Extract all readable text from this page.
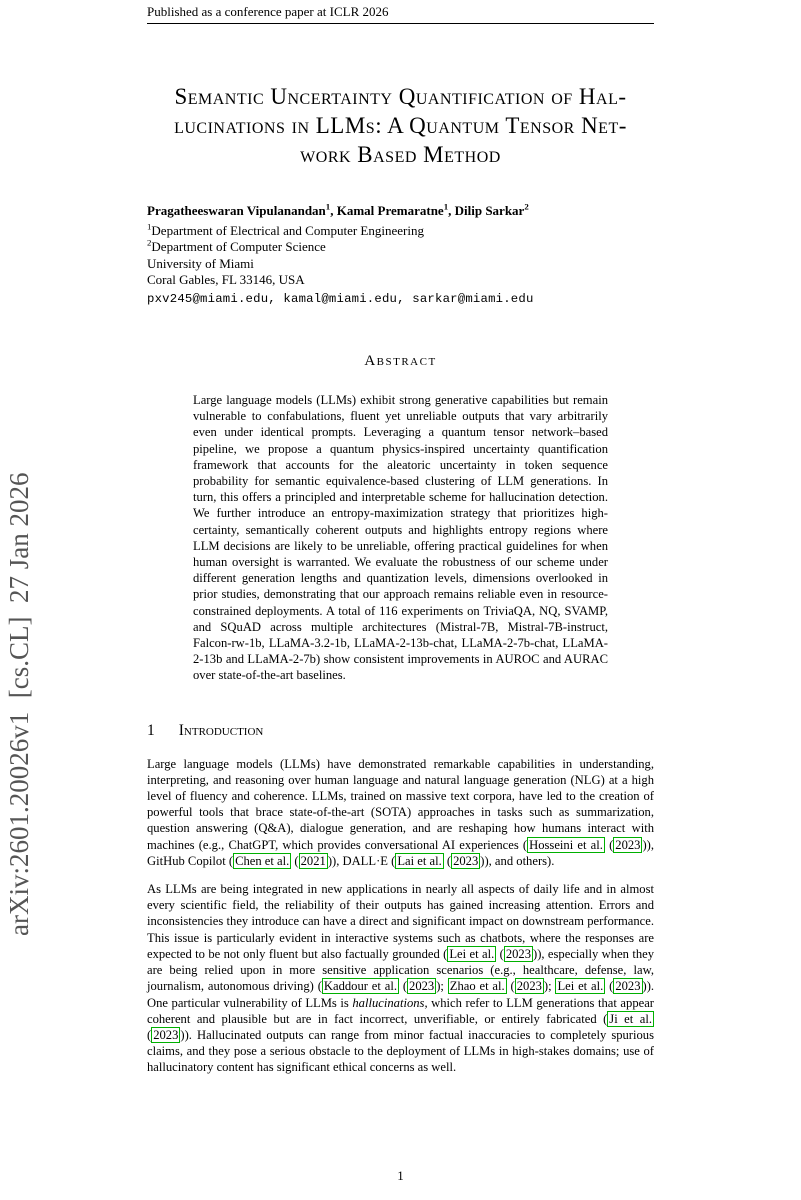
arXiv:2601.20026v1  [cs.CL]  27 Jan 2026
Published as a conference paper at ICLR 2026
Semantic Uncertainty Quantification of Hal-
lucinations in LLMs: A Quantum Tensor Net-
work Based Method
Pragatheeswaran Vipulanandan$^1$, Kamal Premaratne$^1$, Dilip Sarkar$^2$
$^1$Department of Electrical and Computer Engineering
$^2$Department of Computer Science
University of Miami
Coral Gables, FL 33146, USA
pxv245@miami.edu, kamal@miami.edu, sarkar@miami.edu
Abstract
Large language models (LLMs) exhibit strong generative capabilities but remain vulnerable to confabulations, fluent yet unreliable outputs that vary arbitrarily even under identical prompts. Leveraging a quantum tensor network–based pipeline, we propose a quantum physics-inspired uncertainty quantification framework that accounts for the aleatoric uncertainty in token sequence probability for semantic equivalence-based clustering of LLM generations. In turn, this offers a principled and interpretable scheme for hallucination detection. We further introduce an entropy-maximization strategy that prioritizes high-certainty, semantically coherent outputs and highlights entropy regions where LLM decisions are likely to be unreliable, offering practical guidelines for when human oversight is warranted. We evaluate the robustness of our scheme under different generation lengths and quantization levels, dimensions overlooked in prior studies, demonstrating that our approach remains reliable even in resource-constrained deployments. A total of 116 experiments on TriviaQA, NQ, SVAMP, and SQuAD across multiple architectures (Mistral-7B, Mistral-7B-instruct, Falcon-rw-1b, LLaMA-3.2-1b, LLaMA-2-13b-chat, LLaMA-2-7b-chat, LLaMA-2-13b and LLaMA-2-7b) show consistent improvements in AUROC and AURAC over state-of-the-art baselines.
1 Introduction

Large language models (LLMs) have demonstrated remarkable capabilities in understanding, interpreting, and reasoning over human language and natural language generation (NLG) at a high level of fluency and coherence. LLMs, trained on massive text corpora, have led to the creation of powerful tools that brace state-of-the-art (SOTA) approaches in tasks such as summarization, question answering (Q&A), dialogue generation, and are reshaping how humans interact with machines (e.g., ChatGPT, which provides conversational AI experiences ( Hosseini et al. ( 2023 )), GitHub Copilot ( Chen et al. ( 2021 )), DALL·E ( Lai et al. ( 2023 )), and others).

As LLMs are being integrated in new applications in nearly all aspects of daily life and in almost every scientific field, the reliability of their outputs has gained increasing attention. Errors and inconsistencies they introduce can have a direct and significant impact on downstream performance. This issue is particularly evident in interactive systems such as chatbots, where the responses are expected to be not only fluent but also factually grounded ( Lei et al. ( 2023 )), especially when they are being relied upon in more sensitive application scenarios (e.g., healthcare, defense, law, journalism, autonomous driving) ( Kaddour et al. ( 2023 ); Zhao et al. ( 2023 ); Lei et al. ( 2023 )). One particular vulnerability of LLMs is hallucinations, which refer to LLM generations that appear coherent and plausible but are in fact incorrect, unverifiable, or entirely fabricated ( Ji et al. ( 2023 )). Hallucinated outputs can range from minor factual inaccuracies to completely spurious claims, and they pose a serious obstacle to the deployment of LLMs in high-stakes domains; use of hallucinatory content has significant ethical concerns as well.

1
